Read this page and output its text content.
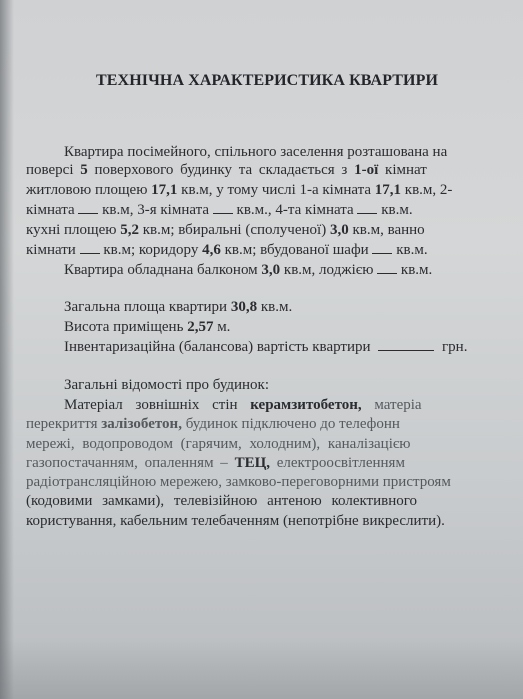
ТЕХНІЧНА ХАРАКТЕРИСТИКА КВАРТИРИ
Квартира посімейного, спільного заселення розташована на
поверсі 5 поверхового будинку та складається з 1-ої кімнат
житловою площею 17,1 кв.м, у тому числі 1-а кімната 17,1 кв.м, 2-
кімната кв.м, 3-я кімната кв.м., 4-та кімната кв.м.
кухні площею 5,2 кв.м; вбиральні (сполученої) 3,0 кв.м, ванно
кімнати кв.м; коридору 4,6 кв.м; вбудованої шафи кв.м.
Квартира обладнана балконом 3,0 кв.м, лоджією кв.м.
Загальна площа квартири 30,8 кв.м.
Висота приміщень 2,57 м.
Інвентаризаційна (балансова) вартість квартири	грн.
Загальні відомості про будинок:
Матеріал зовнішніх стін керамзитобетон, матеріа
перекриття залізобетон, будинок підключено до телефонн
мережі, водопроводом (гарячим, холодним), каналізацією
газопостачанням, опаленням – ТЕЦ, електроосвітленням
радіотрансляційною мережею, замково-переговорними пристроям
(кодовими замками), телевізійною антеною колективного
користування, кабельним телебаченням (непотрібне викреслити).
